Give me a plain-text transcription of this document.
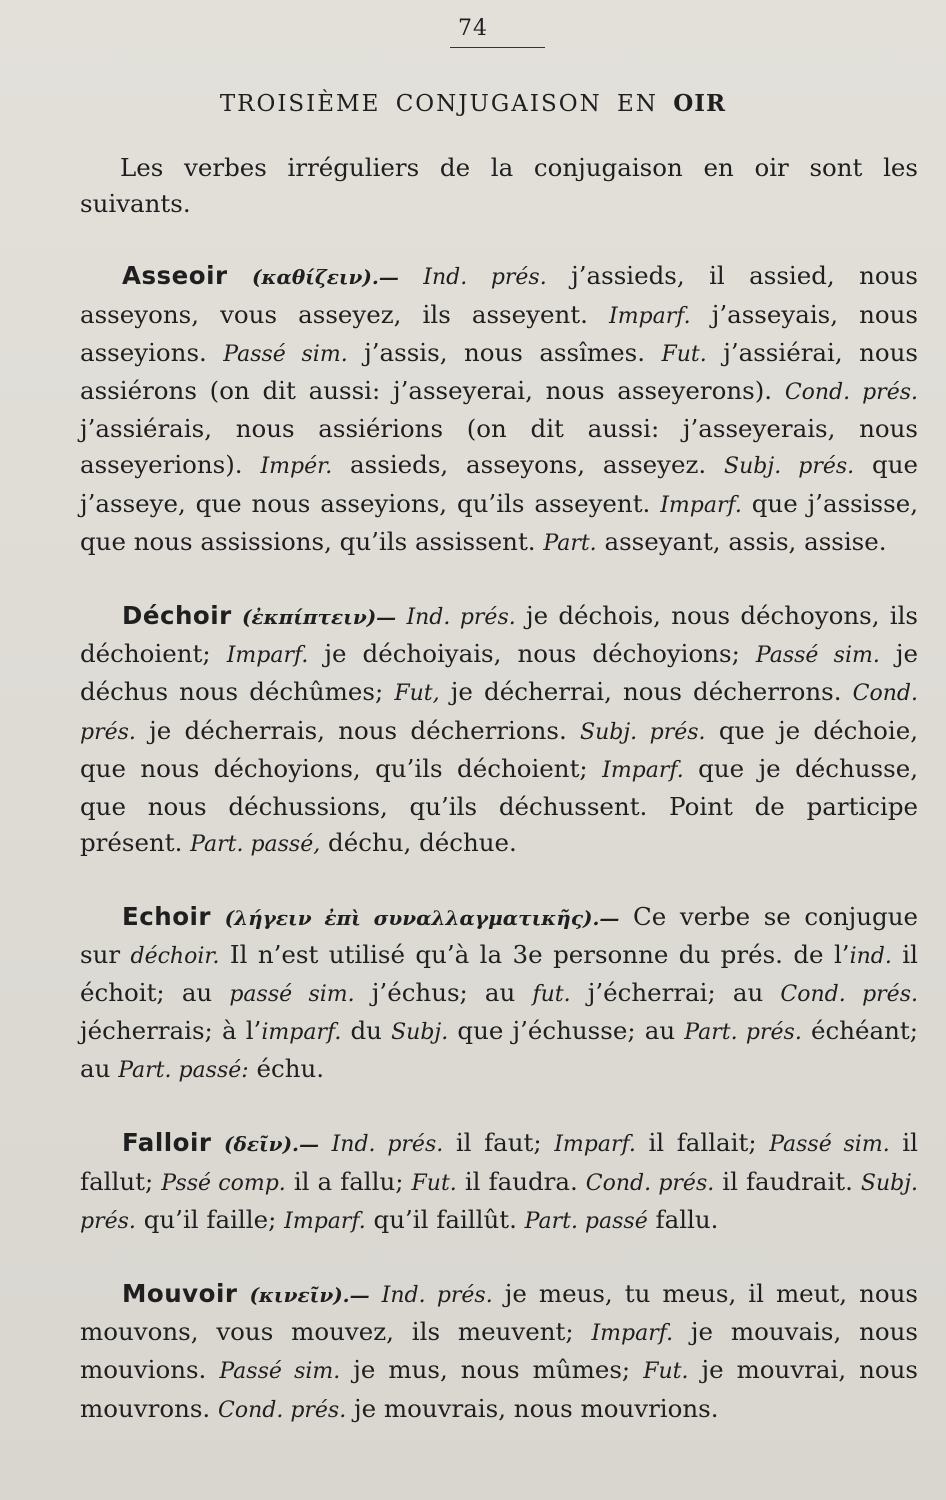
74
TROISIÈME CONJUGAISON EN OIR

Les verbes irréguliers de la conjugaison en oir sont les suivants.

Asseoir (καθίζειν).— Ind. prés. j’assieds, il assied, nous asseyons, vous asseyez, ils asseyent. Imparf. j’asseyais, nous asseyions. Passé sim. j’assis, nous assîmes. Fut. j’assiérai, nous assiérons (on dit aussi: j’asseyerai, nous asseyerons). Cond. prés. j’assiérais, nous assiérions (on dit aussi: j’asseyerais, nous asseyerions). Impér. assieds, asseyons, asseyez. Subj. prés. que j’asseye, que nous asseyions, qu’ils asseyent. Imparf. que j’assisse, que nous assissions, qu’ils assissent. Part. asseyant, assis, assise.

Déchoir (ἐκπίπτειν)— Ind. prés. je déchois, nous déchoyons, ils déchoient; Imparf. je déchoiyais, nous déchoyions; Passé sim. je déchus nous déchûmes; Fut, je décherrai, nous décherrons. Cond. prés. je décherrais, nous décherrions. Subj. prés. que je déchoie, que nous déchoyions, qu’ils déchoient; Imparf. que je déchusse, que nous déchussions, qu’ils déchussent. Point de participe présent. Part. passé, déchu, déchue.

Echoir (λήγειν ἐπὶ συναλλαγματικῆς).— Ce verbe se conjugue sur déchoir. Il n’est utilisé qu’à la 3e personne du prés. de l’ind. il échoit; au passé sim. j’échus; au fut. j’écherrai; au Cond. prés. jécherrais; à l’imparf. du Subj. que j’échusse; au Part. prés. échéant; au Part. passé: échu.

Falloir (δεῖν).— Ind. prés. il faut; Imparf. il fallait; Passé sim. il fallut; Pssé comp. il a fallu; Fut. il faudra. Cond. prés. il faudrait. Subj. prés. qu’il faille; Imparf. qu’il faillût. Part. passé fallu.

Mouvoir (κινεῖν).— Ind. prés. je meus, tu meus, il meut, nous mouvons, vous mouvez, ils meuvent; Imparf. je mouvais, nous mouvions. Passé sim. je mus, nous mûmes; Fut. je mouvrai, nous mouvrons. Cond. prés. je mouvrais, nous mouvrions.
